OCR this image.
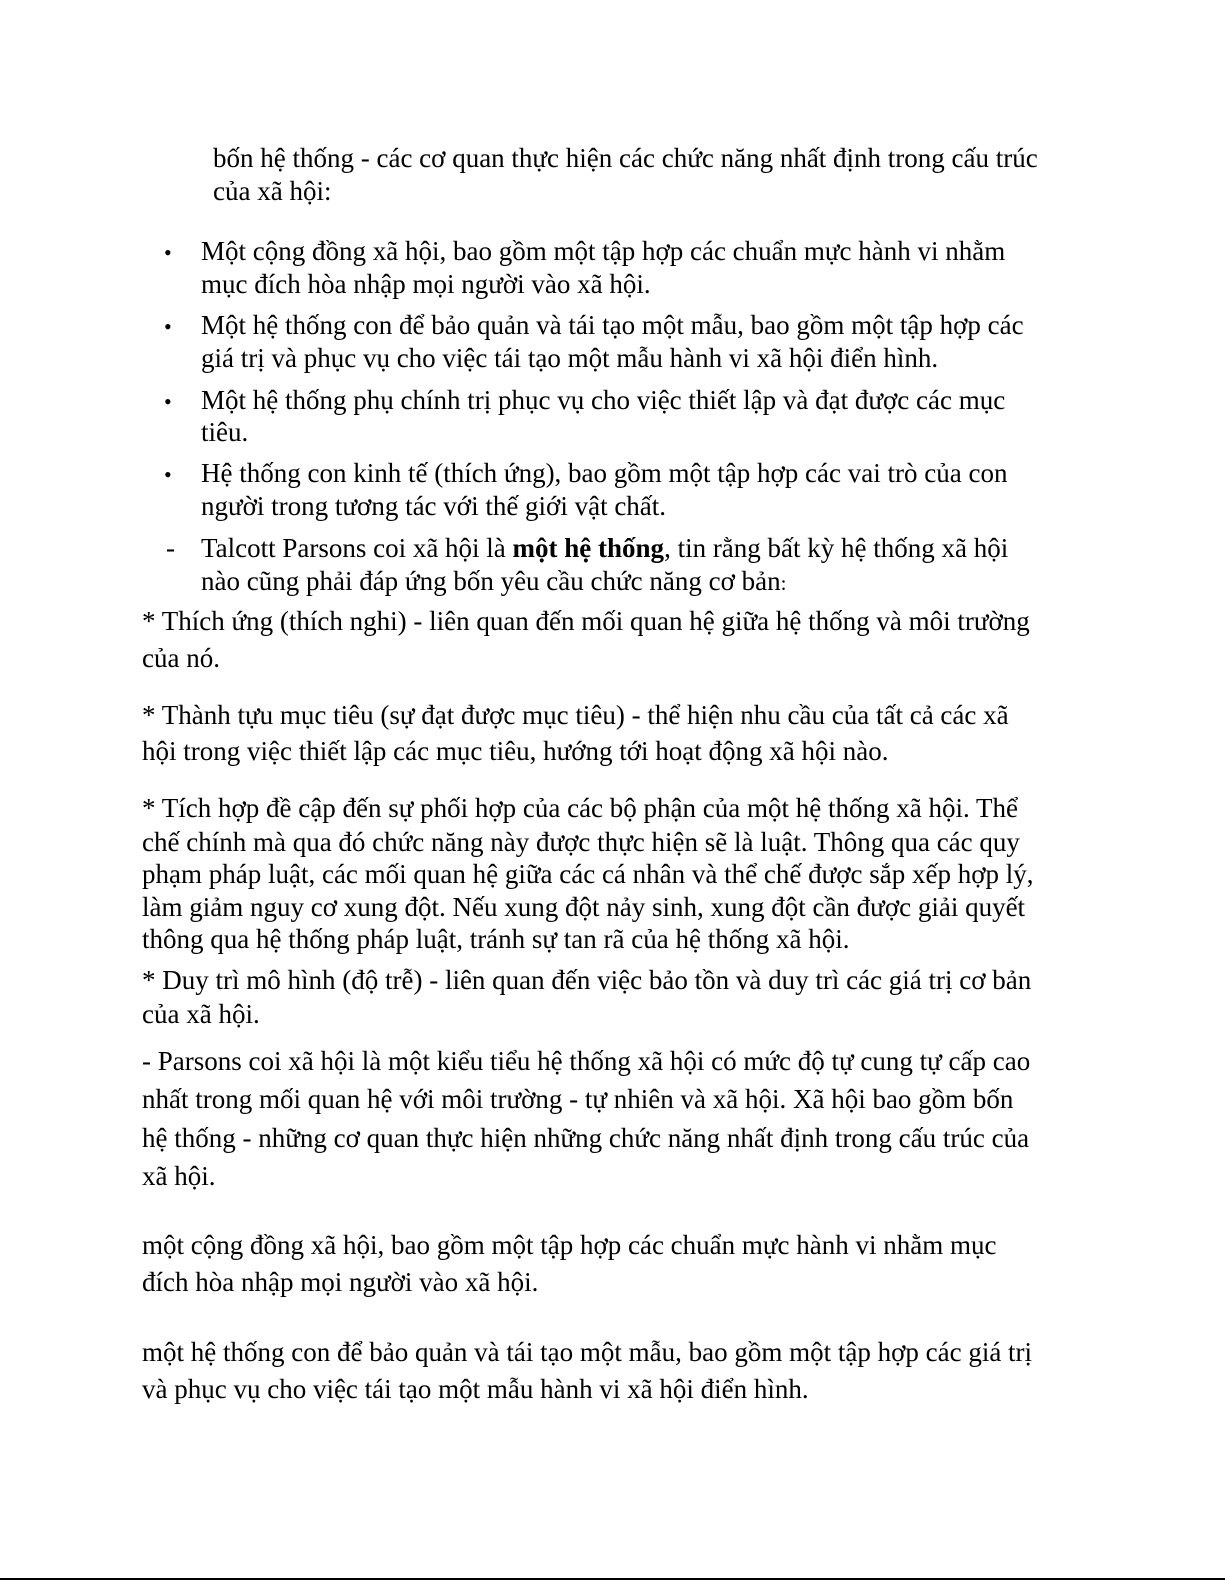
bốn hệ thống - các cơ quan thực hiện các chức năng nhất định trong cấu trúc
của xã hội:
• Một cộng đồng xã hội, bao gồm một tập hợp các chuẩn mực hành vi nhằm
mục đích hòa nhập mọi người vào xã hội.
• Một hệ thống con để bảo quản và tái tạo một mẫu, bao gồm một tập hợp các
giá trị và phục vụ cho việc tái tạo một mẫu hành vi xã hội điển hình.
• Một hệ thống phụ chính trị phục vụ cho việc thiết lập và đạt được các mục
tiêu.
• Hệ thống con kinh tế (thích ứng), bao gồm một tập hợp các vai trò của con
người trong tương tác với thế giới vật chất.
- Talcott Parsons coi xã hội là một hệ thống, tin rằng bất kỳ hệ thống xã hội
nào cũng phải đáp ứng bốn yêu cầu chức năng cơ bản:
* Thích ứng (thích nghi) - liên quan đến mối quan hệ giữa hệ thống và môi trường
của nó.
* Thành tựu mục tiêu (sự đạt được mục tiêu) - thể hiện nhu cầu của tất cả các xã
hội trong việc thiết lập các mục tiêu, hướng tới hoạt động xã hội nào.
* Tích hợp đề cập đến sự phối hợp của các bộ phận của một hệ thống xã hội. Thể
chế chính mà qua đó chức năng này được thực hiện sẽ là luật. Thông qua các quy
phạm pháp luật, các mối quan hệ giữa các cá nhân và thể chế được sắp xếp hợp lý,
làm giảm nguy cơ xung đột. Nếu xung đột nảy sinh, xung đột cần được giải quyết
thông qua hệ thống pháp luật, tránh sự tan rã của hệ thống xã hội.
* Duy trì mô hình (độ trễ) - liên quan đến việc bảo tồn và duy trì các giá trị cơ bản
của xã hội.
- Parsons coi xã hội là một kiểu tiểu hệ thống xã hội có mức độ tự cung tự cấp cao
nhất trong mối quan hệ với môi trường - tự nhiên và xã hội. Xã hội bao gồm bốn
hệ thống - những cơ quan thực hiện những chức năng nhất định trong cấu trúc của
xã hội.
một cộng đồng xã hội, bao gồm một tập hợp các chuẩn mực hành vi nhằm mục
đích hòa nhập mọi người vào xã hội.
một hệ thống con để bảo quản và tái tạo một mẫu, bao gồm một tập hợp các giá trị
và phục vụ cho việc tái tạo một mẫu hành vi xã hội điển hình.
